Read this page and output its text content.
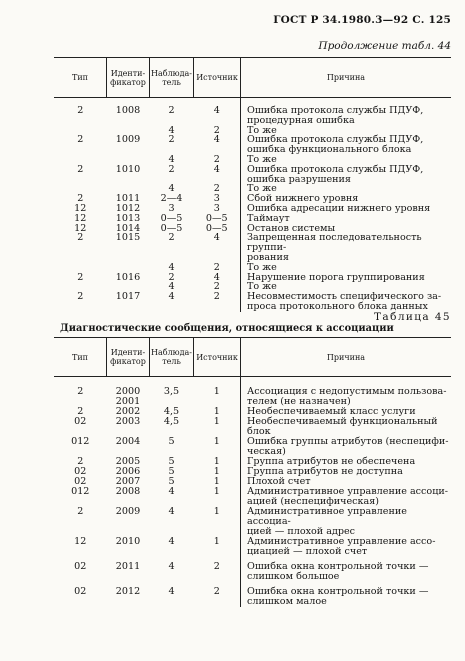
ГОСТ Р 34.1980.3—92 С. 125
Продолжение табл. 44
Тип	Иденти-фикатор	Наблюда-тель	Источник	Причина
2	1008	2	4	Ошибка протокола службы ПДУФ,
				процедурная ошибка
		4	2	То же
2	1009	2	4	Ошибка протокола службы ПДУФ,
				ошибка функционального блока
		4	2	То же
2	1010	2	4	Ошибка протокола службы ПДУФ,
				ошибка разрушения
		4	2	То же
2	1011	2—4	3	Сбой нижнего уровня
12	1012	3	3	Ошибка адресации нижнего уровня
12	1013	0—5	0—5	Таймаут
12	1014	0—5	0—5	Останов системы
2	1015	2	4	Запрещенная последовательность группи-
				рования
		4	2	То же
2	1016	2	4	Нарушение порога группирования
		4	2	То же
2	1017	4	2	Несовместимость специфического за-
				проса протокольного блока данных
Таблица 45
Диагностические сообщения, относящиеся к ассоциации
Тип	Иденти-фикатор	Наблюда-тель	Источник	Причина
2	2000	3,5	1	Ассоциация с недопустимым пользова-
	2001			телем (не назначен)
2	2002	4,5	1	Необеспечиваемый класс услуги
02	2003	4,5	1	Необеспечиваемый функциональный
				блок
012	2004	5	1	Ошибка группы атрибутов (неспецифи-
				ческая)
2	2005	5	1	Группа атрибутов не обеспечена
02	2006	5	1	Группа атрибутов не доступна
02	2007	5	1	Плохой счет
012	2008	4	1	Административное управление ассоци-
				ацией (неспецифическая)
2	2009	4	1	Административное управление ассоциа-
				цией — плохой адрес
12	2010	4	1	Административное управление ассо-
				циацией — плохой счет
02	2011	4	2	Ошибка окна контрольной точки —
				слишком большое
02	2012	4	2	Ошибка окна контрольной точки —
				слишком малое
